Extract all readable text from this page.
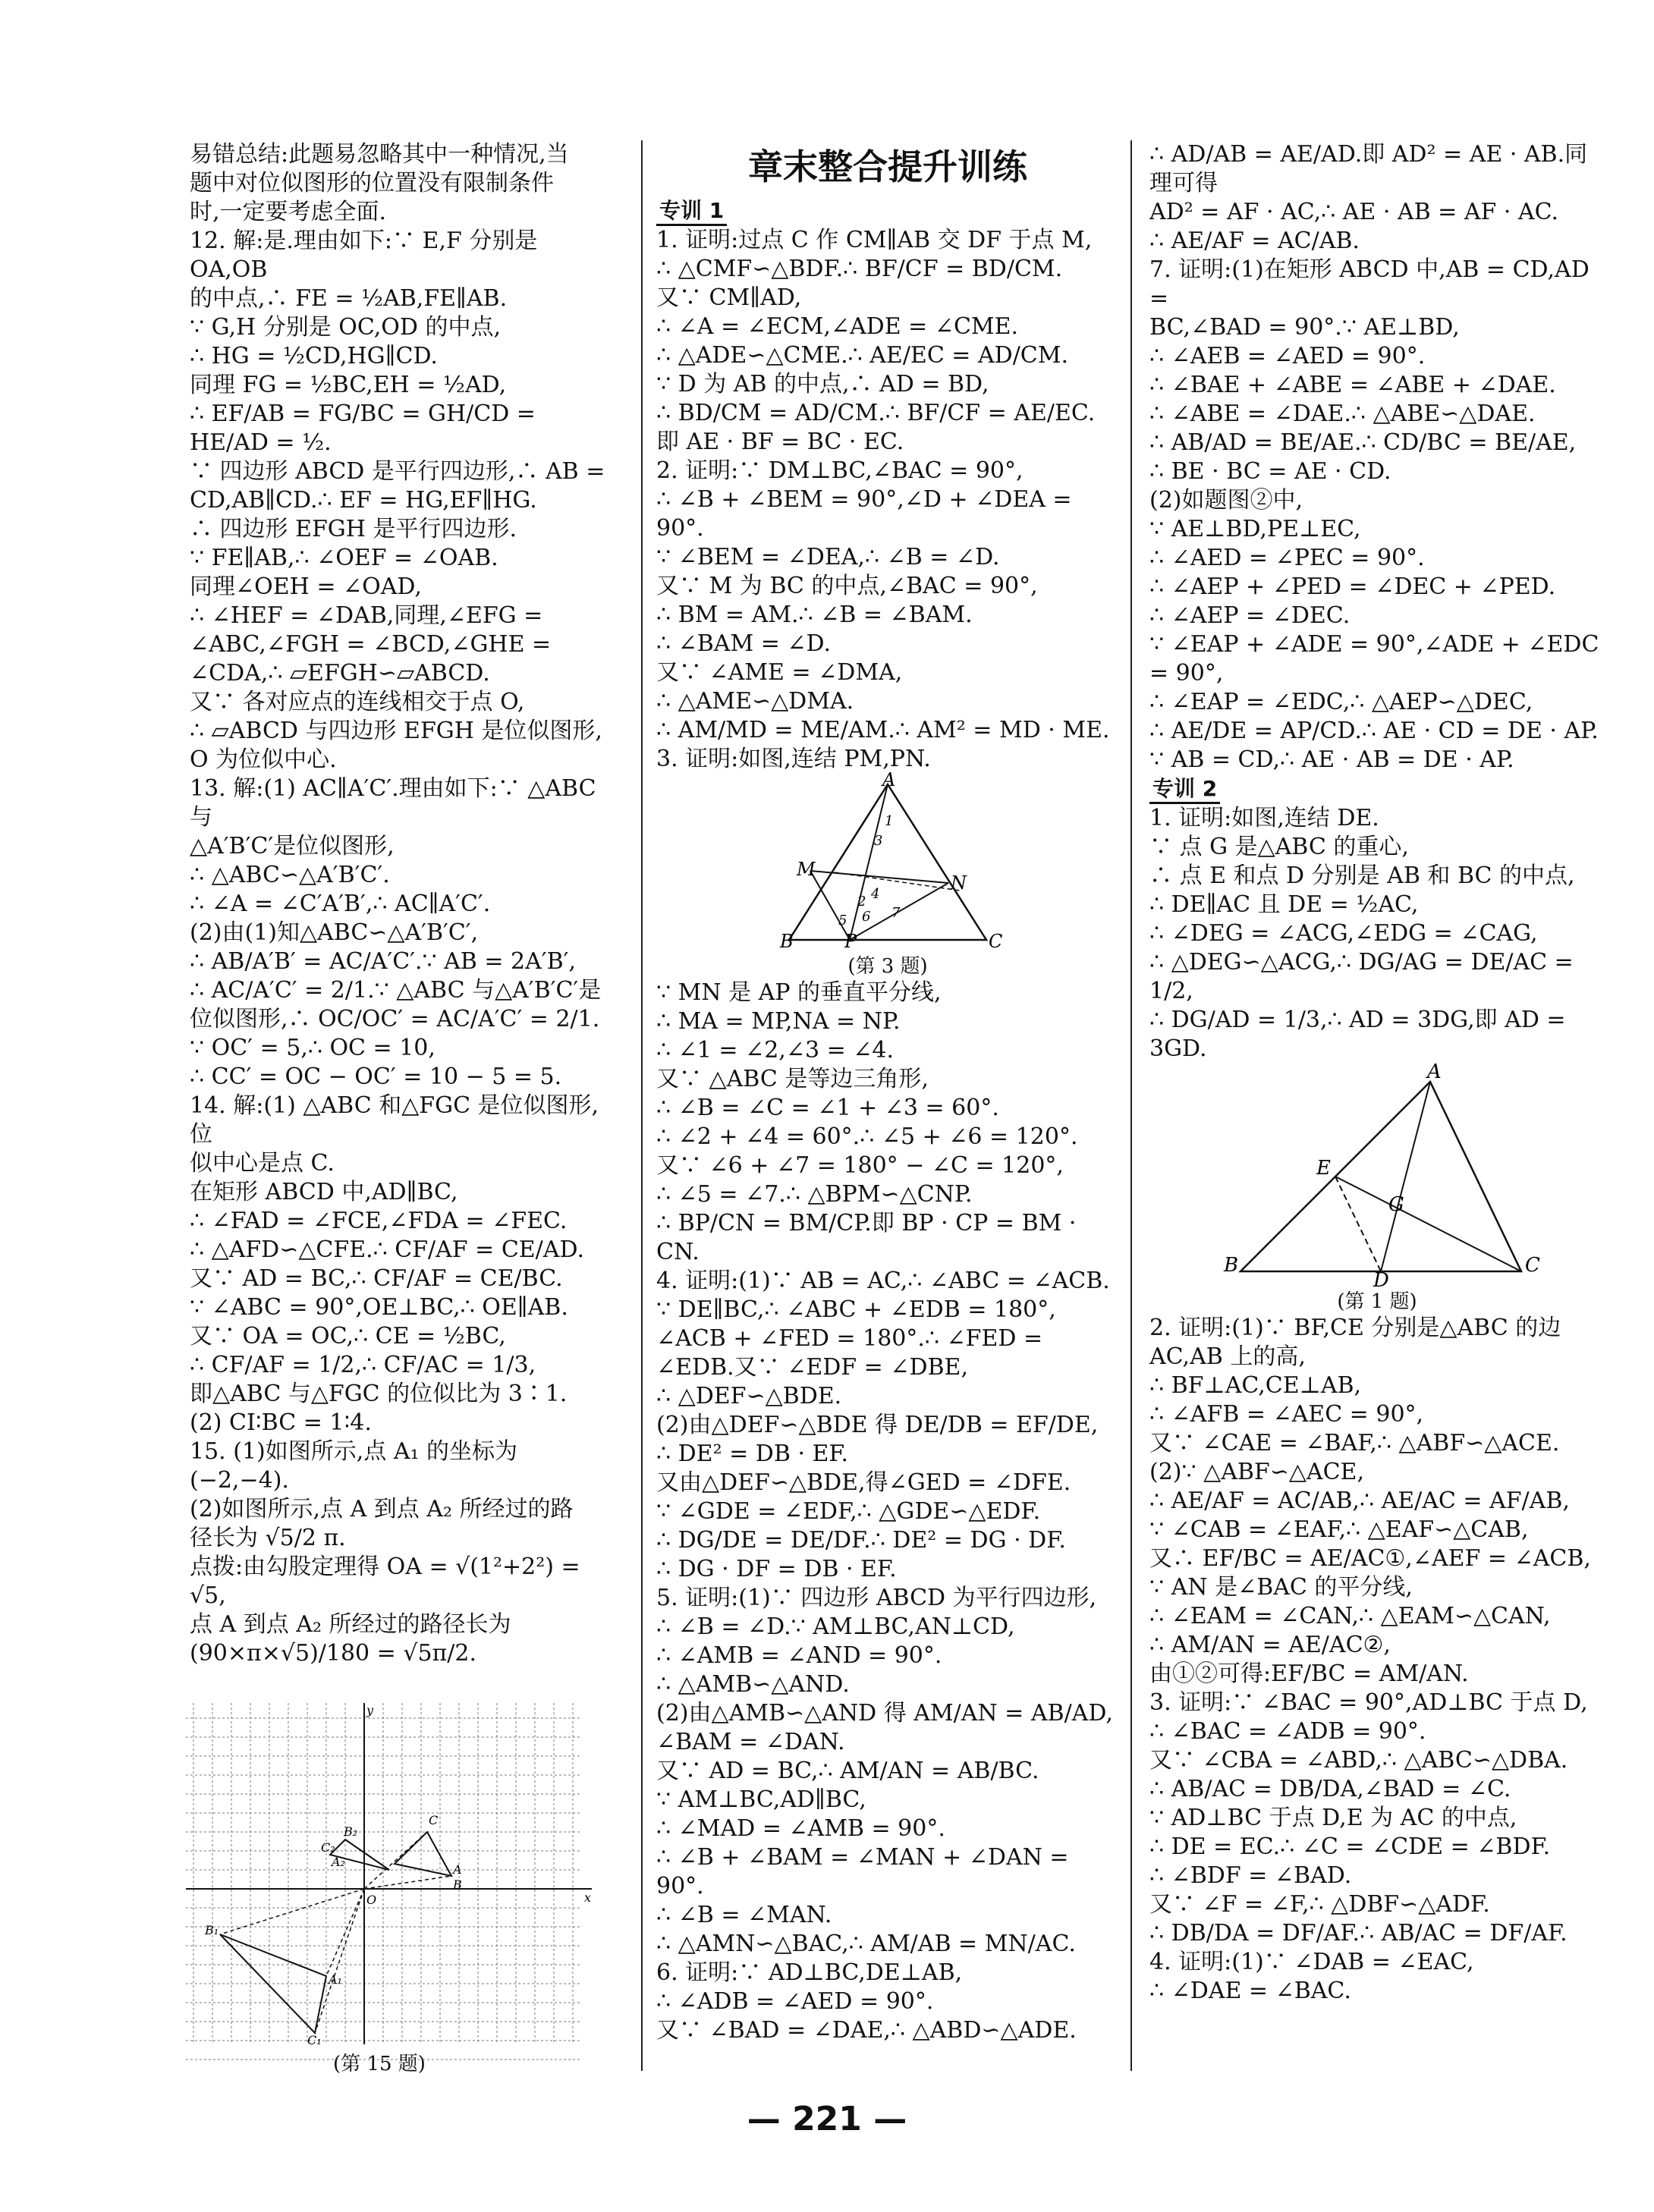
易错总结:此题易忽略其中一种情况,当
题中对位似图形的位置没有限制条件
时,一定要考虑全面.
12. 解:是.理由如下:∵ E,F 分别是 OA,OB
的中点,∴ FE = ½AB,FE∥AB.
∵ G,H 分别是 OC,OD 的中点,
∴ HG = ½CD,HG∥CD.
同理 FG = ½BC,EH = ½AD,
∴ EF/AB = FG/BC = GH/CD = HE/AD = ½.
∵ 四边形 ABCD 是平行四边形,∴ AB =
CD,AB∥CD.∴ EF = HG,EF∥HG.
∴ 四边形 EFGH 是平行四边形.
∵ FE∥AB,∴ ∠OEF = ∠OAB.
同理∠OEH = ∠OAD,
∴ ∠HEF = ∠DAB,同理,∠EFG =
∠ABC,∠FGH = ∠BCD,∠GHE =
∠CDA,∴ ▱EFGH∽▱ABCD.
又∵ 各对应点的连线相交于点 O,
∴ ▱ABCD 与四边形 EFGH 是位似图形,
O 为位似中心.
13. 解:(1) AC∥A′C′.理由如下:∵ △ABC 与
△A′B′C′是位似图形,
∴ △ABC∽△A′B′C′.
∴ ∠A = ∠C′A′B′,∴ AC∥A′C′.
(2)由(1)知△ABC∽△A′B′C′,
∴ AB/A′B′ = AC/A′C′.∵ AB = 2A′B′,
∴ AC/A′C′ = 2/1.∵ △ABC 与△A′B′C′是
位似图形,∴ OC/OC′ = AC/A′C′ = 2/1.
∵ OC′ = 5,∴ OC = 10,
∴ CC′ = OC − OC′ = 10 − 5 = 5.
14. 解:(1) △ABC 和△FGC 是位似图形,位
似中心是点 C.
在矩形 ABCD 中,AD∥BC,
∴ ∠FAD = ∠FCE,∠FDA = ∠FEC.
∴ △AFD∽△CFE.∴ CF/AF = CE/AD.
又∵ AD = BC,∴ CF/AF = CE/BC.
∵ ∠ABC = 90°,OE⊥BC,∴ OE∥AB.
又∵ OA = OC,∴ CE = ½BC,
∴ CF/AF = 1/2,∴ CF/AC = 1/3,
即△ABC 与△FGC 的位似比为 3∶1.
(2) CI∶BC = 1∶4.
15. (1)如图所示,点 A₁ 的坐标为(−2,−4).
(2)如图所示,点 A 到点 A₂ 所经过的路
径长为 √5/2 π.
点拨:由勾股定理得 OA = √(1²+2²) = √5,
点 A 到点 A₂ 所经过的路径长为
(90×π×√5)/180 = √5π/2.
章末整合提升训练
专训 1
1. 证明:过点 C 作 CM∥AB 交 DF 于点 M,
∴ △CMF∽△BDF.∴ BF/CF = BD/CM.
又∵ CM∥AD,
∴ ∠A = ∠ECM,∠ADE = ∠CME.
∴ △ADE∽△CME.∴ AE/EC = AD/CM.
∵ D 为 AB 的中点,∴ AD = BD,
∴ BD/CM = AD/CM.∴ BF/CF = AE/EC.
即 AE · BF = BC · EC.
2. 证明:∵ DM⊥BC,∠BAC = 90°,
∴ ∠B + ∠BEM = 90°,∠D + ∠DEA = 90°.
∵ ∠BEM = ∠DEA,∴ ∠B = ∠D.
又∵ M 为 BC 的中点,∠BAC = 90°,
∴ BM = AM.∴ ∠B = ∠BAM.
∴ ∠BAM = ∠D.
又∵ ∠AME = ∠DMA,
∴ △AME∽△DMA.
∴ AM/MD = ME/AM.∴ AM² = MD · ME.
3. 证明:如图,连结 PM,PN.
A
M
N
B	P	C
1
2
3
4
5 6 7
(第 3 题)
∵ MN 是 AP 的垂直平分线,
∴ MA = MP,NA = NP.
∴ ∠1 = ∠2,∠3 = ∠4.
又∵ △ABC 是等边三角形,
∴ ∠B = ∠C = ∠1 + ∠3 = 60°.
∴ ∠2 + ∠4 = 60°.∴ ∠5 + ∠6 = 120°.
又∵ ∠6 + ∠7 = 180° − ∠C = 120°,
∴ ∠5 = ∠7.∴ △BPM∽△CNP.
∴ BP/CN = BM/CP.即 BP · CP = BM · CN.
4. 证明:(1)∵ AB = AC,∴ ∠ABC = ∠ACB.
∵ DE∥BC,∴ ∠ABC + ∠EDB = 180°,
∠ACB + ∠FED = 180°.∴ ∠FED =
∠EDB.又∵ ∠EDF = ∠DBE,
∴ △DEF∽△BDE.
(2)由△DEF∽△BDE 得 DE/DB = EF/DE,
∴ DE² = DB · EF.
又由△DEF∽△BDE,得∠GED = ∠DFE.
∵ ∠GDE = ∠EDF,∴ △GDE∽△EDF.
∴ DG/DE = DE/DF.∴ DE² = DG · DF.
∴ DG · DF = DB · EF.
5. 证明:(1)∵ 四边形 ABCD 为平行四边形,
∴ ∠B = ∠D.∵ AM⊥BC,AN⊥CD,
∴ ∠AMB = ∠AND = 90°.
∴ △AMB∽△AND.
(2)由△AMB∽△AND 得 AM/AN = AB/AD,
∠BAM = ∠DAN.
又∵ AD = BC,∴ AM/AN = AB/BC.
∵ AM⊥BC,AD∥BC,
∴ ∠MAD = ∠AMB = 90°.
∴ ∠B + ∠BAM = ∠MAN + ∠DAN = 90°.
∴ ∠B = ∠MAN.
∴ △AMN∽△BAC,∴ AM/AB = MN/AC.
6. 证明:∵ AD⊥BC,DE⊥AB,
∴ ∠ADB = ∠AED = 90°.
又∵ ∠BAD = ∠DAE,∴ △ABD∽△ADE.
∴ AD/AB = AE/AD.即 AD² = AE · AB.同理可得
AD² = AF · AC,∴ AE · AB = AF · AC.
∴ AE/AF = AC/AB.
7. 证明:(1)在矩形 ABCD 中,AB = CD,AD =
BC,∠BAD = 90°.∵ AE⊥BD,
∴ ∠AEB = ∠AED = 90°.
∴ ∠BAE + ∠ABE = ∠ABE + ∠DAE.
∴ ∠ABE = ∠DAE.∴ △ABE∽△DAE.
∴ AB/AD = BE/AE.∴ CD/BC = BE/AE,
∴ BE · BC = AE · CD.
(2)如题图②中,
∵ AE⊥BD,PE⊥EC,
∴ ∠AED = ∠PEC = 90°.
∴ ∠AEP + ∠PED = ∠DEC + ∠PED.
∴ ∠AEP = ∠DEC.
∵ ∠EAP + ∠ADE = 90°,∠ADE + ∠EDC = 90°,
∴ ∠EAP = ∠EDC,∴ △AEP∽△DEC,
∴ AE/DE = AP/CD.∴ AE · CD = DE · AP.
∵ AB = CD,∴ AE · AB = DE · AP.
专训 2
1. 证明:如图,连结 DE.
∵ 点 G 是△ABC 的重心,
∴ 点 E 和点 D 分别是 AB 和 BC 的中点,
∴ DE∥AC 且 DE = ½AC,
∴ ∠DEG = ∠ACG,∠EDG = ∠CAG,
∴ △DEG∽△ACG,∴ DG/AG = DE/AC = 1/2,
∴ DG/AD = 1/3,∴ AD = 3DG,即 AD = 3GD.
A
E
G
B
D
C
(第 1 题)
2. 证明:(1)∵ BF,CE 分别是△ABC 的边
AC,AB 上的高,
∴ BF⊥AC,CE⊥AB,
∴ ∠AFB = ∠AEC = 90°,
又∵ ∠CAE = ∠BAF,∴ △ABF∽△ACE.
(2)∵ △ABF∽△ACE,
∴ AE/AF = AC/AB,∴ AE/AC = AF/AB,
∵ ∠CAB = ∠EAF,∴ △EAF∽△CAB,
又∴ EF/BC = AE/AC①,∠AEF = ∠ACB,
∵ AN 是∠BAC 的平分线,
∴ ∠EAM = ∠CAN,∴ △EAM∽△CAN,
∴ AM/AN = AE/AC②,
由①②可得:EF/BC = AM/AN.
3. 证明:∵ ∠BAC = 90°,AD⊥BC 于点 D,
∴ ∠BAC = ∠ADB = 90°.
又∵ ∠CBA = ∠ABD,∴ △ABC∽△DBA.
∴ AB/AC = DB/DA,∠BAD = ∠C.
∵ AD⊥BC 于点 D,E 为 AC 的中点,
∴ DE = EC.∴ ∠C = ∠CDE = ∠BDF.
∴ ∠BDF = ∠BAD.
又∵ ∠F = ∠F,∴ △DBF∽△ADF.
∴ DB/DA = DF/AF.∴ AB/AC = DF/AF.
4. 证明:(1)∵ ∠DAB = ∠EAC,
∴ ∠DAE = ∠BAC.
y
x
O
A
B
C
A₁
B₁
C₁
A₂
B₂
C₂
(第 15 题)
— 221 —
